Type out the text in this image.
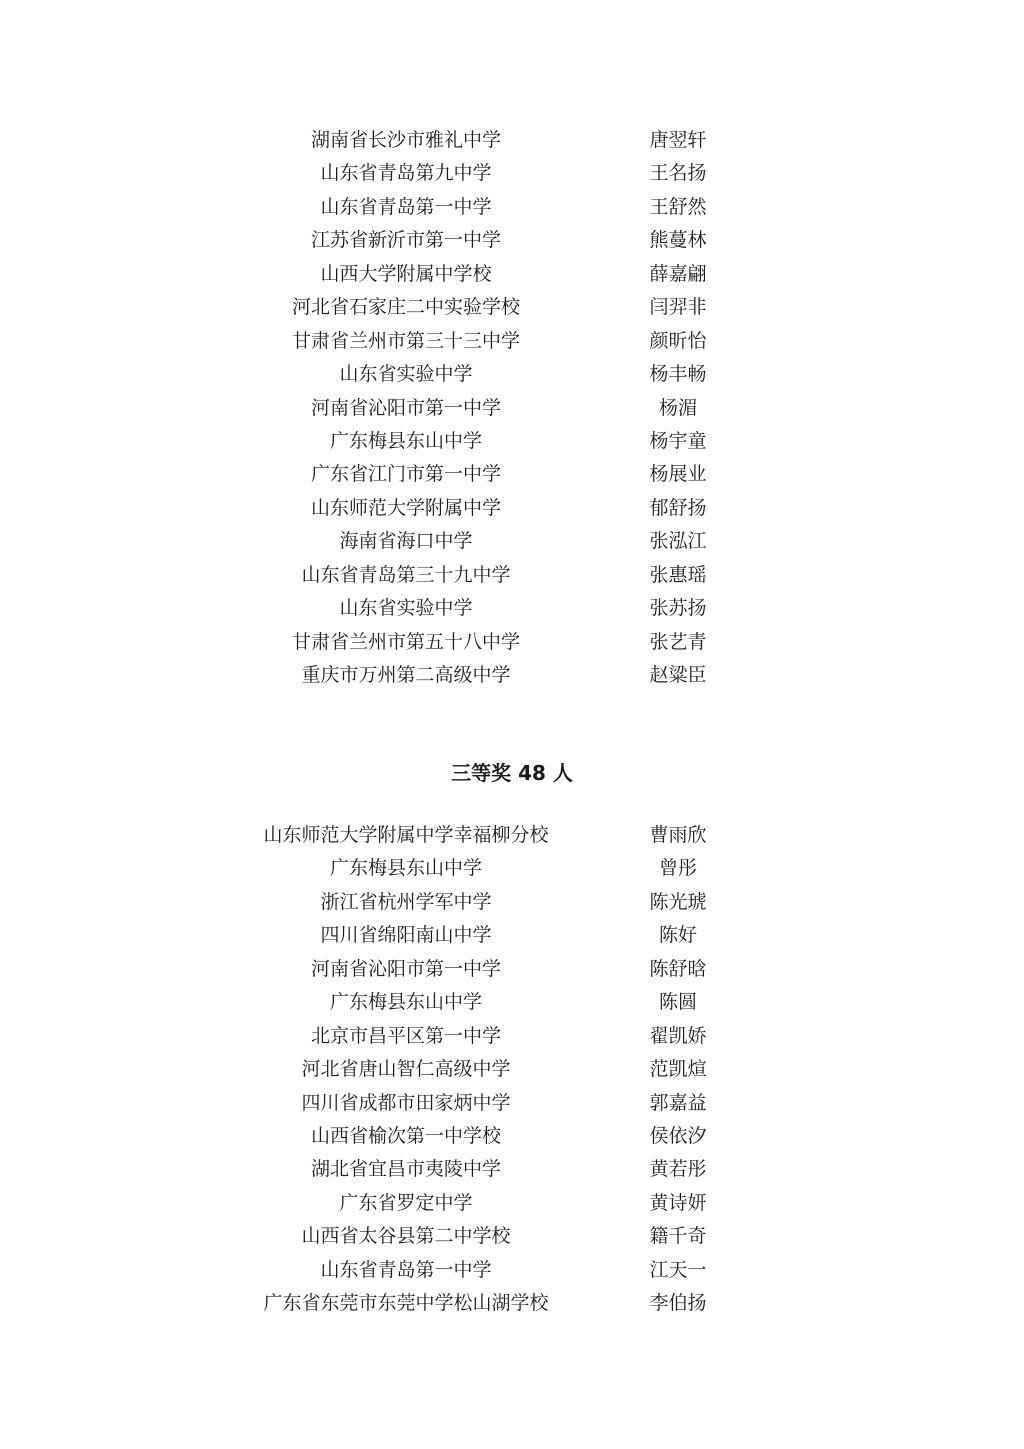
湖南省长沙市雅礼中学	唐翌轩
山东省青岛第九中学	王名扬
山东省青岛第一中学	王舒然
江苏省新沂市第一中学	熊蔓林
山西大学附属中学校	薛嘉翩
河北省石家庄二中实验学校	闫羿非
甘肃省兰州市第三十三中学	颜昕怡
山东省实验中学	杨丰畅
河南省沁阳市第一中学	杨湄
广东梅县东山中学	杨宇童
广东省江门市第一中学	杨展业
山东师范大学附属中学	郁舒扬
海南省海口中学	张泓江
山东省青岛第三十九中学	张惠瑶
山东省实验中学	张苏扬
甘肃省兰州市第五十八中学	张艺青
重庆市万州第二高级中学	赵粱臣
三等奖 48 人
山东师范大学附属中学幸福柳分校	曹雨欣
广东梅县东山中学	曾彤
浙江省杭州学军中学	陈光琥
四川省绵阳南山中学	陈好
河南省沁阳市第一中学	陈舒晗
广东梅县东山中学	陈圆
北京市昌平区第一中学	翟凯娇
河北省唐山智仁高级中学	范凯煊
四川省成都市田家炳中学	郭嘉益
山西省榆次第一中学校	侯依汐
湖北省宜昌市夷陵中学	黄若彤
广东省罗定中学	黄诗妍
山西省太谷县第二中学校	籍千奇
山东省青岛第一中学	江天一
广东省东莞市东莞中学松山湖学校	李伯扬
